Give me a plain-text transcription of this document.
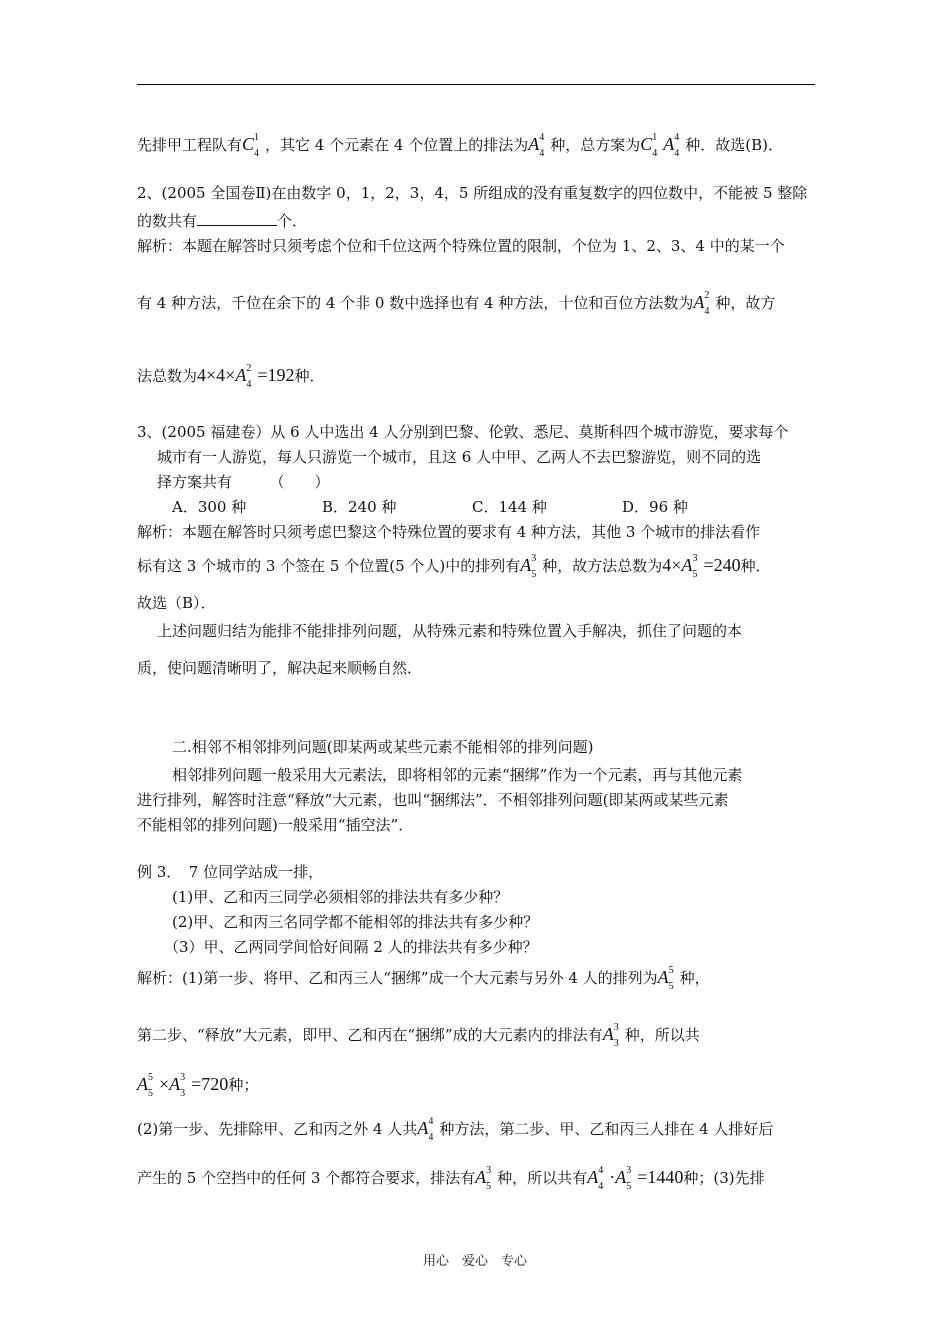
先排甲工程队有C 1
4 ，其它 4 个元素在 4 个位置上的排法为A 4
4 种，总方案为C 1
4 A 4
4 种．故选(B)．
2、(2005 全国卷Ⅱ)在由数字 0，1，2，3，4，5 所组成的没有重复数字的四位数中，不能被 5 整除
的数共有	个．
解析：本题在解答时只须考虑个位和千位这两个特殊位置的限制，个位为 1、2、3、4 中的某一个
有 4 种方法，千位在余下的 4 个非 0 数中选择也有 4 种方法，十位和百位方法数为A 2
4 种，故方
法总数为4×4×A 2
4 =192种．
3、(2005 福建卷）从 6 人中选出 4 人分别到巴黎、伦敦、悉尼、莫斯科四个城市游览，要求每个
城市有一人游览，每人只游览一个城市，且这 6 人中甲、乙两人不去巴黎游览，则不同的选
择方案共有　　　（　　）
A．300 种	B．240 种	C．144 种	D．96 种
解析：本题在解答时只须考虑巴黎这个特殊位置的要求有 4 种方法，其他 3 个城市的排法看作
标有这 3 个城市的 3 个签在 5 个位置(5 个人)中的排列有A 3
5 种，故方法总数为4×A 3
5 =240种．
故选（B）．
上述问题归结为能排不能排排列问题，从特殊元素和特殊位置入手解决，抓住了问题的本
质，使问题清晰明了，解决起来顺畅自然．
二.相邻不相邻排列问题(即某两或某些元素不能相邻的排列问题)
相邻排列问题一般采用大元素法，即将相邻的元素“捆绑”作为一个元素，再与其他元素
进行排列，解答时注意“释放”大元素，也叫“捆绑法”．不相邻排列问题(即某两或某些元素
不能相邻的排列问题)一般采用“插空法”．
例 3．　7 位同学站成一排，
(1)甲、乙和丙三同学必须相邻的排法共有多少种？
(2)甲、乙和丙三名同学都不能相邻的排法共有多少种？
（3）甲、乙两同学间恰好间隔 2 人的排法共有多少种？
解析：(1)第一步、将甲、乙和丙三人“捆绑”成一个大元素与另外 4 人的排列为A 5
5 种，
第二步、“释放”大元素，即甲、乙和丙在“捆绑”成的大元素内的排法有A 3
3 种，所以共
A 5
5 ×A 3
3 =720种；
(2)第一步、先排除甲、乙和丙之外 4 人共A 4
4 种方法，第二步、甲、乙和丙三人排在 4 人排好后
产生的 5 个空挡中的任何 3 个都符合要求，排法有A 3
5 种，所以共有A 4
4 ·A 3
5 =1440种；(3)先排
用心　爱心　专心
